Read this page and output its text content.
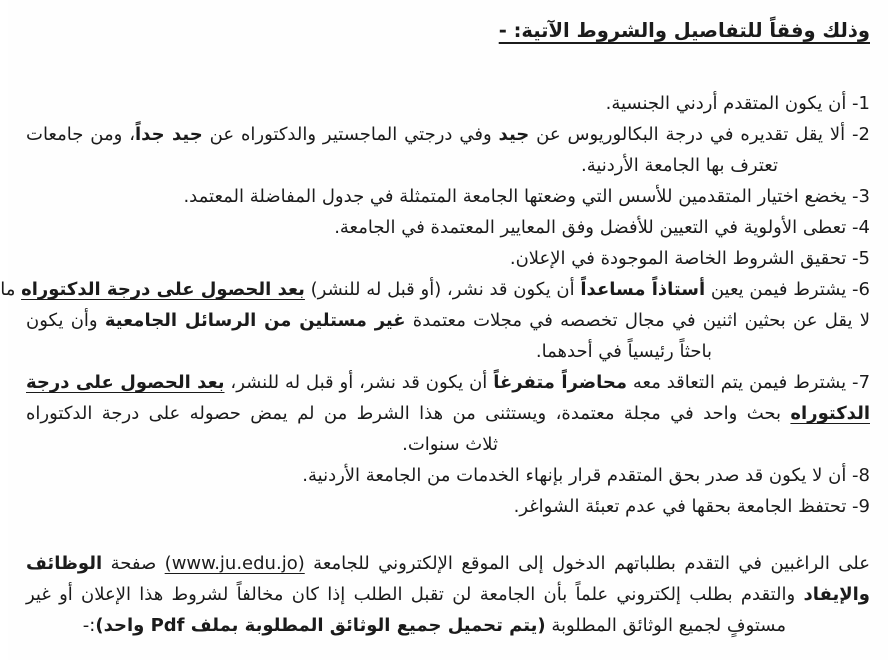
وذلك وفقاً للتفاصيل والشروط الآتية: -
1- أن يكون المتقدم أردني الجنسية.
2- ألا يقل تقديره في درجة البكالوريوس عن جيد وفي درجتي الماجستير والدكتوراه عن جيد جداً، ومن جامعات
تعترف بها الجامعة الأردنية.
3- يخضع اختيار المتقدمين للأسس التي وضعتها الجامعة المتمثلة في جدول المفاضلة المعتمد.
4- تعطى الأولوية في التعيين للأفضل وفق المعايير المعتمدة في الجامعة.
5- تحقيق الشروط الخاصة الموجودة في الإعلان.
6- يشترط فيمن يعين أستاذاً مساعداً أن يكون قد نشر، (أو قبل له للنشر) بعد الحصول على درجة الدكتوراه ما
لا يقل عن بحثين اثنين في مجال تخصصه في مجلات معتمدة غير مستلين من الرسائل الجامعية وأن يكون
باحثاً رئيسياً في أحدهما.
7- يشترط فيمن يتم التعاقد معه محاضراً متفرغاً أن يكون قد نشر، أو قبل له للنشر، بعد الحصول على درجة
الدكتوراه بحث واحد في مجلة معتمدة، ويستثنى من هذا الشرط من لم يمض حصوله على درجة الدكتوراه
ثلاث سنوات.
8- أن لا يكون قد صدر بحق المتقدم قرار بإنهاء الخدمات من الجامعة الأردنية.
9- تحتفظ الجامعة بحقها في عدم تعبئة الشواغر.
على الراغبين في التقدم بطلباتهم الدخول إلى الموقع الإلكتروني للجامعة (www.ju.edu.jo) صفحة الوظائف
والإيفاد والتقدم بطلب إلكتروني علماً بأن الجامعة لن تقبل الطلب إذا كان مخالفاً لشروط هذا الإعلان أو غير
مستوفٍ لجميع الوثائق المطلوبة (يتم تحميل جميع الوثائق المطلوبة بملف Pdf واحد):-
